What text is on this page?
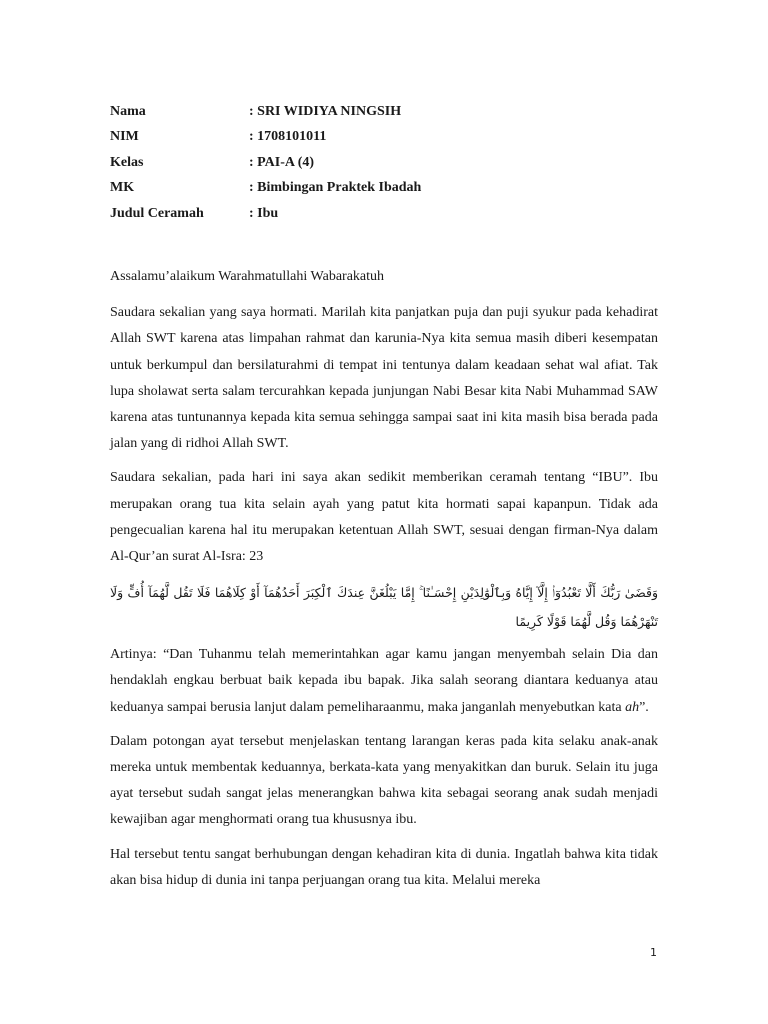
Nama	: SRI WIDIYA NINGSIH
NIM	: 1708101011
Kelas	: PAI-A (4)
MK	: Bimbingan Praktek Ibadah
Judul Ceramah	: Ibu

Assalamu’alaikum Warahmatullahi Wabarakatuh

Saudara sekalian yang saya hormati. Marilah kita panjatkan puja dan puji syukur pada kehadirat Allah SWT karena atas limpahan rahmat dan karunia-Nya kita semua masih diberi kesempatan untuk berkumpul dan bersilaturahmi di tempat ini tentunya dalam keadaan sehat wal afiat. Tak lupa sholawat serta salam tercurahkan kepada junjungan Nabi Besar kita Nabi Muhammad SAW karena atas tuntunannya kepada kita semua sehingga sampai saat ini kita masih bisa berada pada jalan yang di ridhoi Allah SWT.

Saudara sekalian, pada hari ini saya akan sedikit memberikan ceramah tentang “IBU”. Ibu merupakan orang tua kita selain ayah yang patut kita hormati sapai kapanpun. Tidak ada pengecualian karena hal itu merupakan ketentuan Allah SWT, sesuai dengan firman-Nya dalam Al-Qur’an surat Al-Isra: 23

وَقَضَىٰ رَبُّكَ أَلَّا تَعْبُدُوٓا۟ إِلَّآ إِيَّاهُ وَبِٱلْوَٰلِدَيْنِ إِحْسَـٰنًا ۚ إِمَّا يَبْلُغَنَّ عِندَكَ ٱلْكِبَرَ أَحَدُهُمَآ أَوْ كِلَاهُمَا فَلَا تَقُل لَّهُمَآ أُفٍّ وَلَا تَنْهَرْهُمَا وَقُل لَّهُمَا قَوْلًا كَرِيمًا

Artinya: “Dan Tuhanmu telah memerintahkan agar kamu jangan menyembah selain Dia dan hendaklah engkau berbuat baik kepada ibu bapak. Jika salah seorang diantara keduanya atau keduanya sampai berusia lanjut dalam pemeliharaanmu, maka janganlah menyebutkan kata ah”.

Dalam potongan ayat tersebut menjelaskan tentang larangan keras pada kita selaku anak-anak mereka untuk membentak keduannya, berkata-kata yang menyakitkan dan buruk. Selain itu juga ayat tersebut sudah sangat jelas menerangkan bahwa kita sebagai seorang anak sudah menjadi kewajiban agar menghormati orang tua khususnya ibu.

Hal tersebut tentu sangat berhubungan dengan kehadiran kita di dunia. Ingatlah bahwa kita tidak akan bisa hidup di dunia ini tanpa perjuangan orang tua kita. Melalui mereka

1
